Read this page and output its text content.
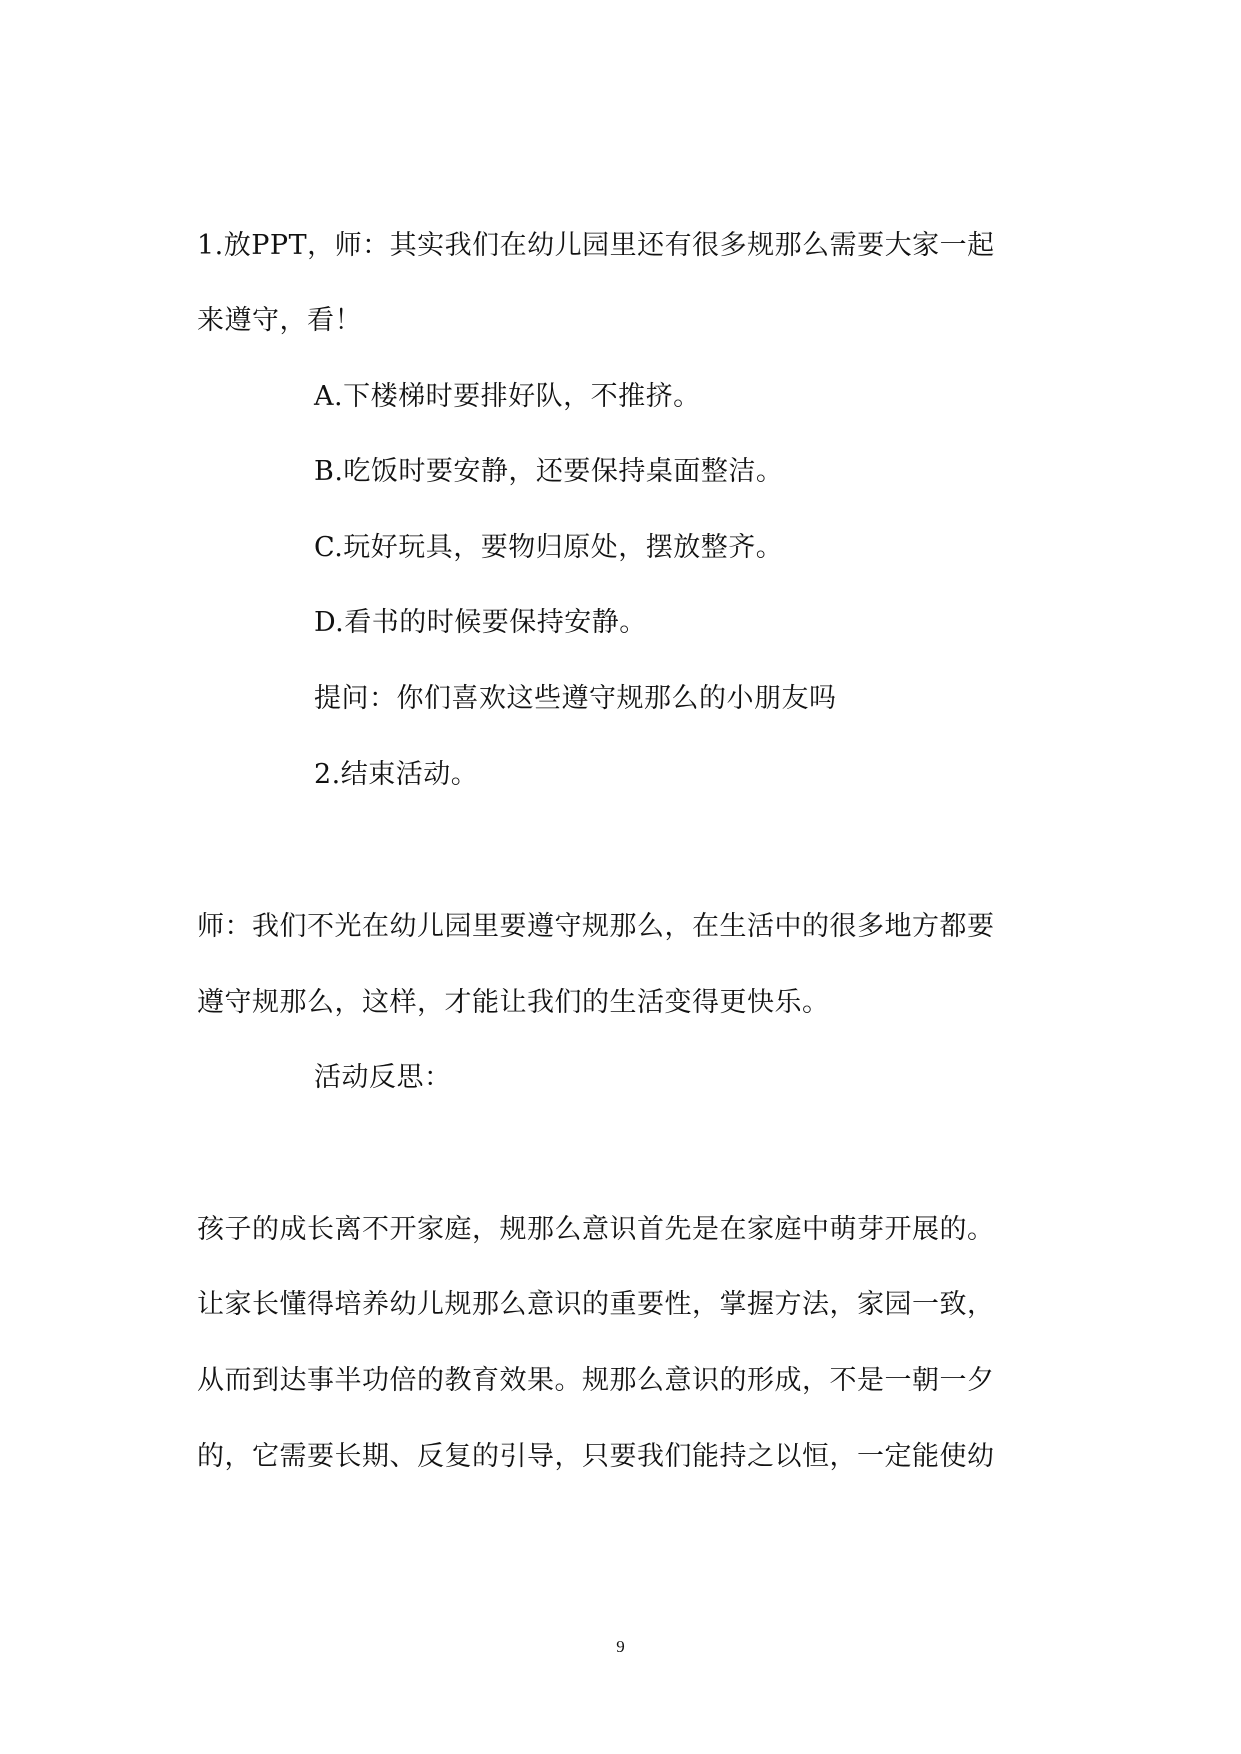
1.放PPT，师：其实我们在幼儿园里还有很多规那么需要大家一起
来遵守，看！
A.下楼梯时要排好队，不推挤。
B.吃饭时要安静，还要保持桌面整洁。
C.玩好玩具，要物归原处，摆放整齐。
D.看书的时候要保持安静。
提问：你们喜欢这些遵守规那么的小朋友吗
2.结束活动。
师：我们不光在幼儿园里要遵守规那么，在生活中的很多地方都要
遵守规那么，这样，才能让我们的生活变得更快乐。
活动反思：
孩子的成长离不开家庭，规那么意识首先是在家庭中萌芽开展的。
让家长懂得培养幼儿规那么意识的重要性，掌握方法，家园一致，
从而到达事半功倍的教育效果。规那么意识的形成，不是一朝一夕
的，它需要长期、反复的引导，只要我们能持之以恒，一定能使幼
9
